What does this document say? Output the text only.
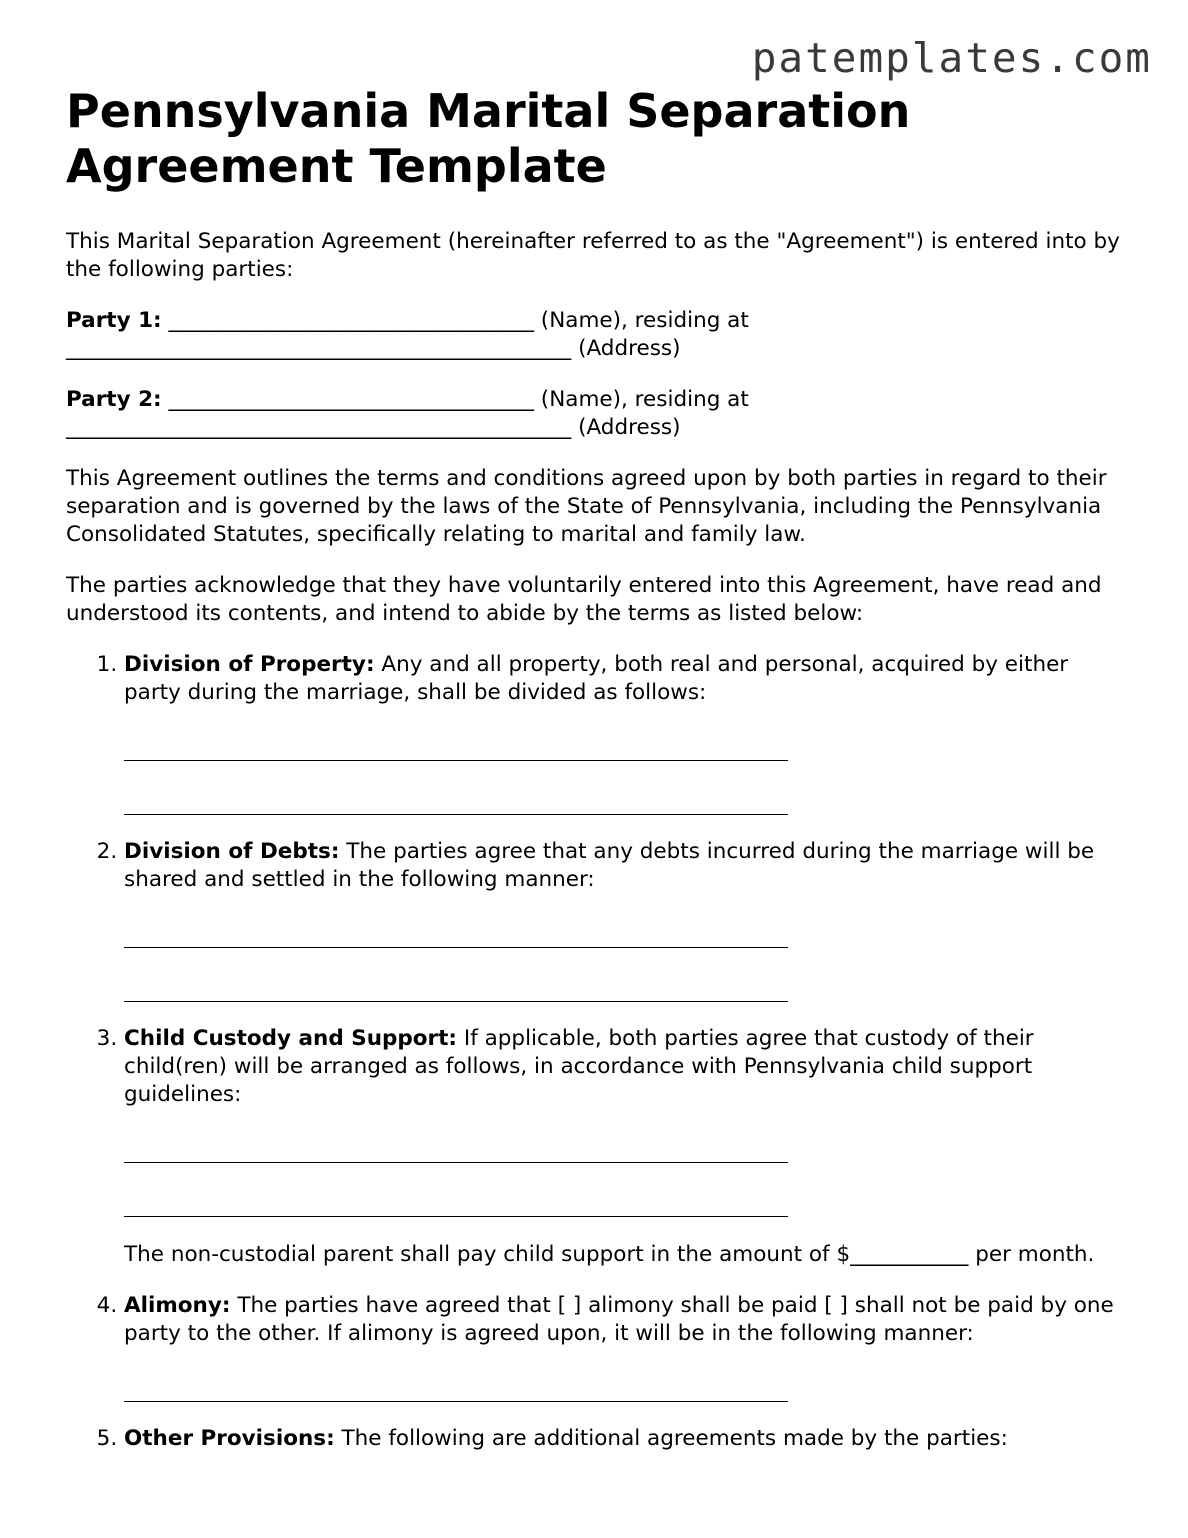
patemplates.com
Pennsylvania Marital Separation Agreement Template

This Marital Separation Agreement (hereinafter referred to as the "Agreement") is entered into by the following parties:

Party 1: __________________________________ (Name), residing at _______________________________________________ (Address)
Party 2: __________________________________ (Name), residing at _______________________________________________ (Address)

This Agreement outlines the terms and conditions agreed upon by both parties in regard to their separation and is governed by the laws of the State of Pennsylvania, including the Pennsylvania Consolidated Statutes, specifically relating to marital and family law.

The parties acknowledge that they have voluntarily entered into this Agreement, have read and understood its contents, and intend to abide by the terms as listed below:

1. Division of Property: Any and all property, both real and personal, acquired by either party during the marriage, shall be divided as follows:
2. Division of Debts: The parties agree that any debts incurred during the marriage will be shared and settled in the following manner:
3. Child Custody and Support: If applicable, both parties agree that custody of their child(ren) will be arranged as follows, in accordance with Pennsylvania child support guidelines:
The non-custodial parent shall pay child support in the amount of $___________ per month.
4. Alimony: The parties have agreed that [ ] alimony shall be paid [ ] shall not be paid by one party to the other. If alimony is agreed upon, it will be in the following manner:
5. Other Provisions: The following are additional agreements made by the parties:
